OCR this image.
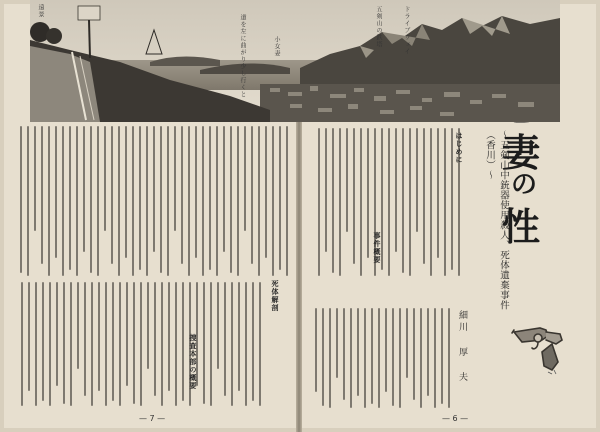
死体解剖
捜査本部の概要
— 7 —
はじめに
事件概要
妻
の
性
〜五剣山中銃器使用殺人、死体遺棄事件（香川）〜
細川 厚 夫
— 6 —
遠景
道を左に曲がり少し行くと	小女妻	五剣山の鉄塔	ドライブウェイ
